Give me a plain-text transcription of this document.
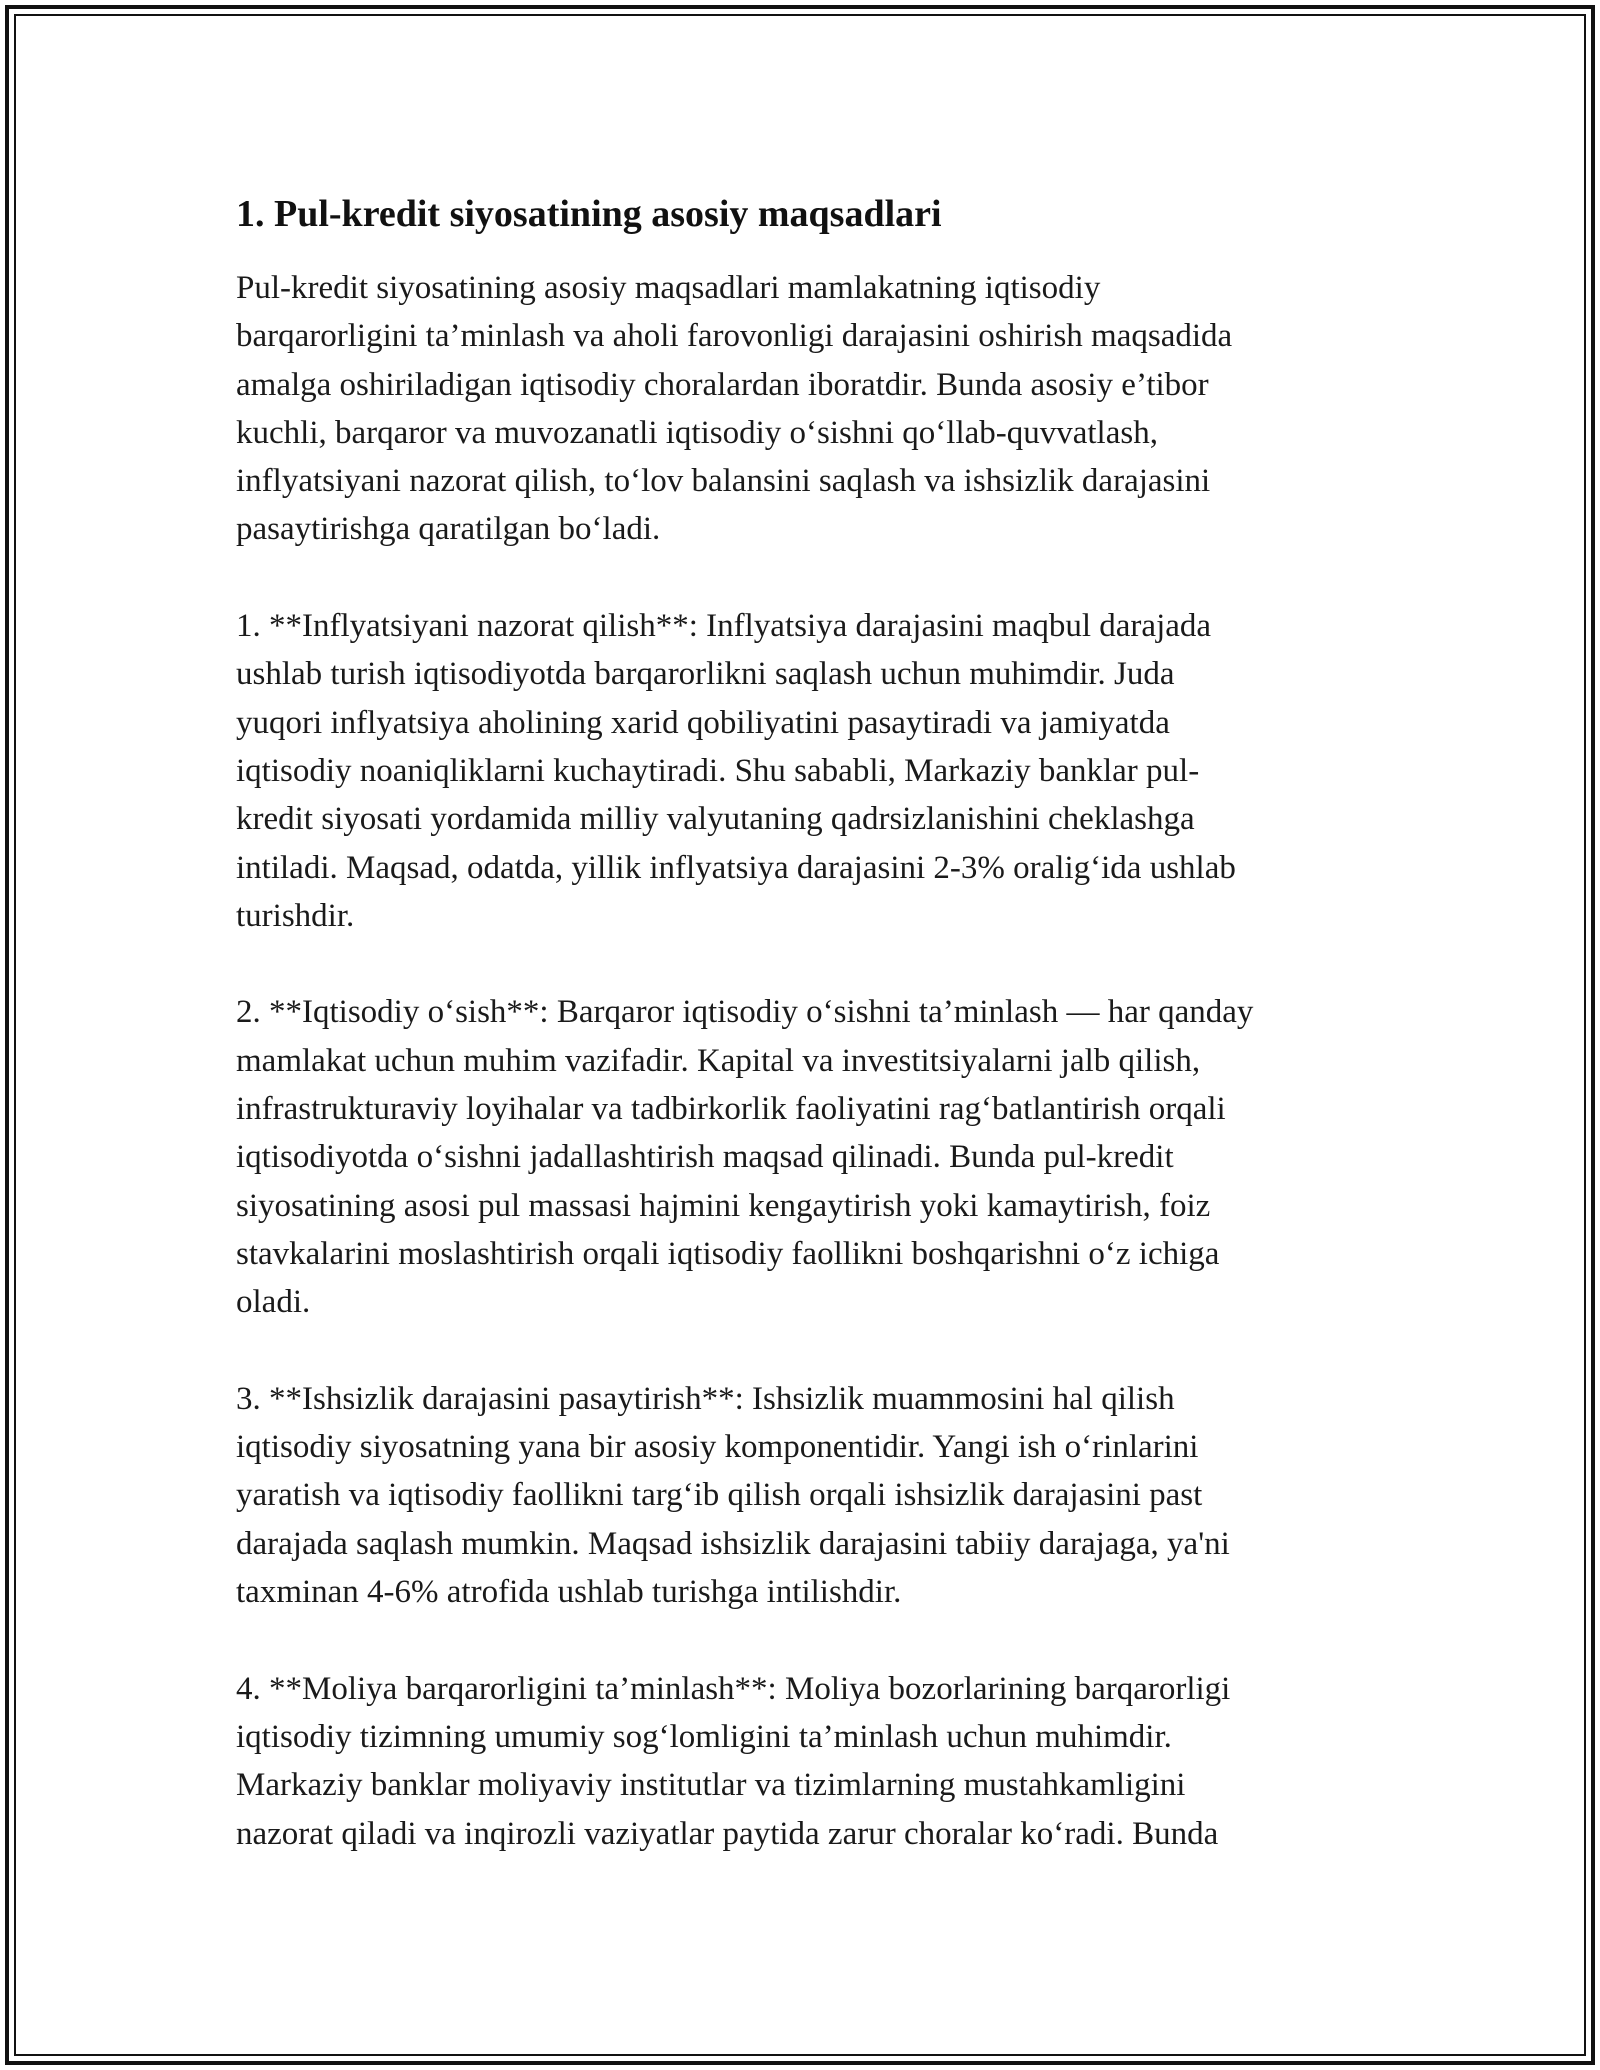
1. Pul-kredit siyosatining asosiy maqsadlari

Pul-kredit siyosatining asosiy maqsadlari mamlakatning iqtisodiy
barqarorligini ta’minlash va aholi farovonligi darajasini oshirish maqsadida
amalga oshiriladigan iqtisodiy choralardan iboratdir. Bunda asosiy e’tibor
kuchli, barqaror va muvozanatli iqtisodiy o‘sishni qo‘llab-quvvatlash,
inflyatsiyani nazorat qilish, to‘lov balansini saqlash va ishsizlik darajasini
pasaytirishga qaratilgan bo‘ladi.

1. **Inflyatsiyani nazorat qilish**: Inflyatsiya darajasini maqbul darajada
ushlab turish iqtisodiyotda barqarorlikni saqlash uchun muhimdir. Juda
yuqori inflyatsiya aholining xarid qobiliyatini pasaytiradi va jamiyatda
iqtisodiy noaniqliklarni kuchaytiradi. Shu sababli, Markaziy banklar pul-
kredit siyosati yordamida milliy valyutaning qadrsizlanishini cheklashga
intiladi. Maqsad, odatda, yillik inflyatsiya darajasini 2-3% oralig‘ida ushlab
turishdir.

2. **Iqtisodiy o‘sish**: Barqaror iqtisodiy o‘sishni ta’minlash — har qanday
mamlakat uchun muhim vazifadir. Kapital va investitsiyalarni jalb qilish,
infrastrukturaviy loyihalar va tadbirkorlik faoliyatini rag‘batlantirish orqali
iqtisodiyotda o‘sishni jadallashtirish maqsad qilinadi. Bunda pul-kredit
siyosatining asosi pul massasi hajmini kengaytirish yoki kamaytirish, foiz
stavkalarini moslashtirish orqali iqtisodiy faollikni boshqarishni o‘z ichiga
oladi.

3. **Ishsizlik darajasini pasaytirish**: Ishsizlik muammosini hal qilish
iqtisodiy siyosatning yana bir asosiy komponentidir. Yangi ish o‘rinlarini
yaratish va iqtisodiy faollikni targ‘ib qilish orqali ishsizlik darajasini past
darajada saqlash mumkin. Maqsad ishsizlik darajasini tabiiy darajaga, ya'ni
taxminan 4-6% atrofida ushlab turishga intilishdir.

4. **Moliya barqarorligini ta’minlash**: Moliya bozorlarining barqarorligi
iqtisodiy tizimning umumiy sog‘lomligini ta’minlash uchun muhimdir.
Markaziy banklar moliyaviy institutlar va tizimlarning mustahkamligini
nazorat qiladi va inqirozli vaziyatlar paytida zarur choralar ko‘radi. Bunda
